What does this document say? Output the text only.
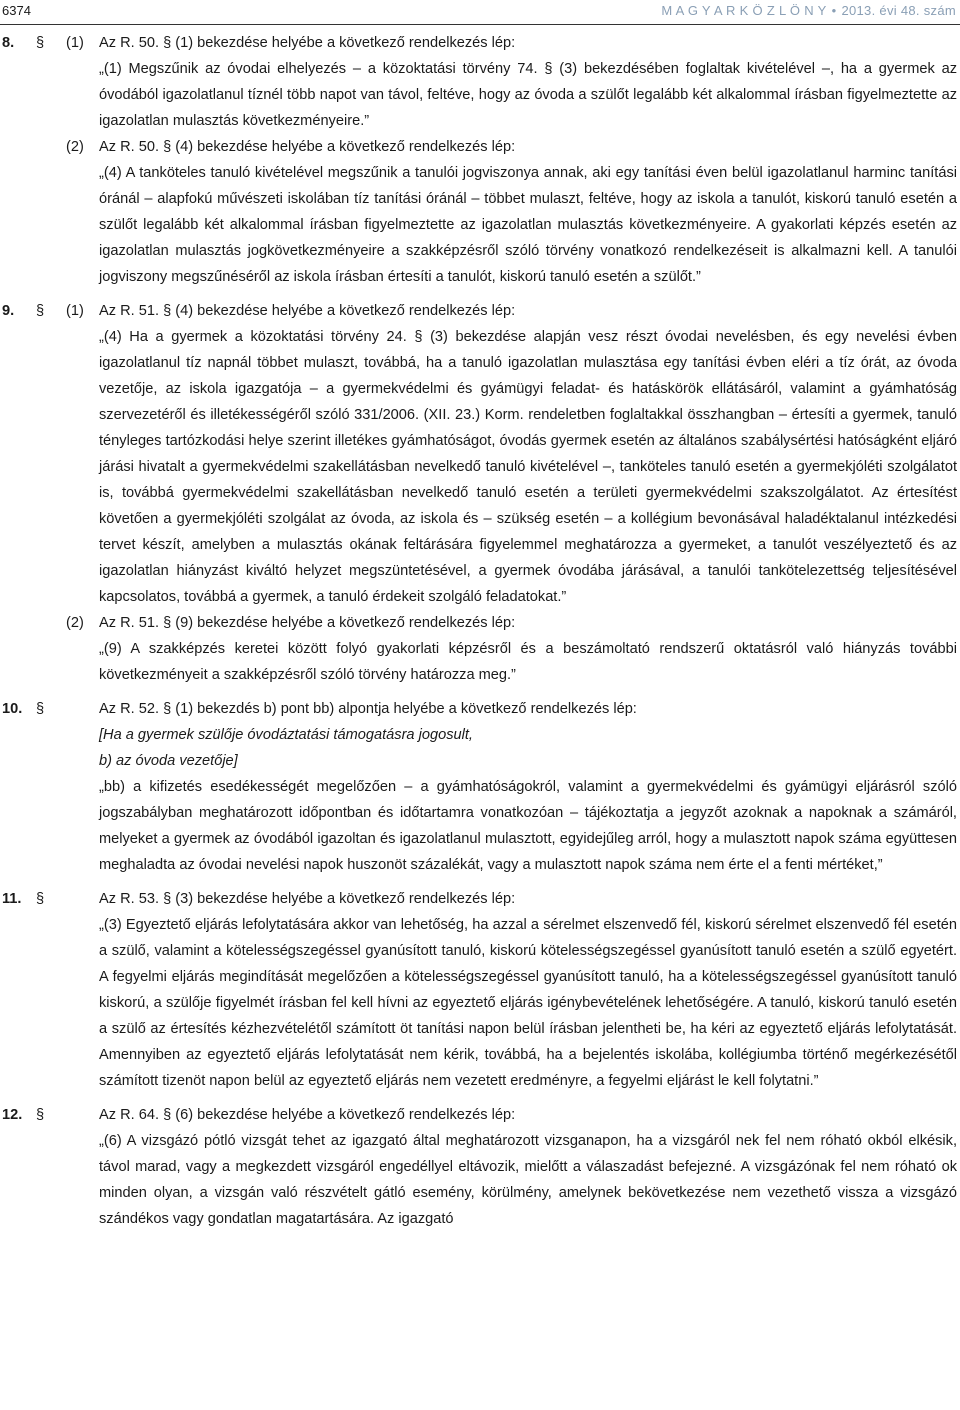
6374	M A G Y A R K Ö Z L Ö N Y • 2013. évi 48. szám
8. § (1) Az R. 50. § (1) bekezdése helyébe a következő rendelkezés lép:
„(1) Megszűnik az óvodai elhelyezés – a közoktatási törvény 74. § (3) bekezdésében foglaltak kivételével –, ha a gyermek az óvodából igazolatlanul tíznél több napot van távol, feltéve, hogy az óvoda a szülőt legalább két alkalommal írásban figyelmeztette az igazolatlan mulasztás következményeire.”
(2) Az R. 50. § (4) bekezdése helyébe a következő rendelkezés lép:
„(4) A tanköteles tanuló kivételével megszűnik a tanulói jogviszonya annak, aki egy tanítási éven belül igazolatlanul harminc tanítási óránál – alapfokú művészeti iskolában tíz tanítási óránál – többet mulaszt, feltéve, hogy az iskola a tanulót, kiskorú tanuló esetén a szülőt legalább két alkalommal írásban figyelmeztette az igazolatlan mulasztás következményeire. A gyakorlati képzés esetén az igazolatlan mulasztás jogkövetkezményeire a szakképzésről szóló törvény vonatkozó rendelkezéseit is alkalmazni kell. A tanulói jogviszony megszűnéséről az iskola írásban értesíti a tanulót, kiskorú tanuló esetén a szülőt.”
9. § (1) Az R. 51. § (4) bekezdése helyébe a következő rendelkezés lép:
„(4) Ha a gyermek a közoktatási törvény 24. § (3) bekezdése alapján vesz részt óvodai nevelésben, és egy nevelési évben igazolatlanul tíz napnál többet mulaszt, továbbá, ha a tanuló igazolatlan mulasztása egy tanítási évben eléri a tíz órát, az óvoda vezetője, az iskola igazgatója – a gyermekvédelmi és gyámügyi feladat- és hatáskörök ellátásáról, valamint a gyámhatóság szervezetéről és illetékességéről szóló 331/2006. (XII. 23.) Korm. rendeletben foglaltakkal összhangban – értesíti a gyermek, tanuló tényleges tartózkodási helye szerint illetékes gyámhatóságot, óvodás gyermek esetén az általános szabálysértési hatóságként eljáró járási hivatalt a gyermekvédelmi szakellátásban nevelkedő tanuló kivételével –, tanköteles tanuló esetén a gyermekjóléti szolgálatot is, továbbá gyermekvédelmi szakellátásban nevelkedő tanuló esetén a területi gyermekvédelmi szakszolgálatot. Az értesítést követően a gyermekjóléti szolgálat az óvoda, az iskola és – szükség esetén – a kollégium bevonásával haladéktalanul intézkedési tervet készít, amelyben a mulasztás okának feltárására figyelemmel meghatározza a gyermeket, a tanulót veszélyeztető és az igazolatlan hiányzást kiváltó helyzet megszüntetésével, a gyermek óvodába járásával, a tanulói tankötelezettség teljesítésével kapcsolatos, továbbá a gyermek, a tanuló érdekeit szolgáló feladatokat.”
(2) Az R. 51. § (9) bekezdése helyébe a következő rendelkezés lép:
„(9) A szakképzés keretei között folyó gyakorlati képzésről és a beszámoltató rendszerű oktatásról való hiányzás további következményeit a szakképzésről szóló törvény határozza meg.”
10. §	Az R. 52. § (1) bekezdés b) pont bb) alpontja helyébe a következő rendelkezés lép:
[Ha a gyermek szülője óvodáztatási támogatásra jogosult,
b) az óvoda vezetője]
„bb) a kifizetés esedékességét megelőzően – a gyámhatóságokról, valamint a gyermekvédelmi és gyámügyi eljárásról szóló jogszabályban meghatározott időpontban és időtartamra vonatkozóan – tájékoztatja a jegyzőt azoknak a napoknak a számáról, melyeket a gyermek az óvodából igazoltan és igazolatlanul mulasztott, egyidejűleg arról, hogy a mulasztott napok száma együttesen meghaladta az óvodai nevelési napok huszonöt százalékát, vagy a mulasztott napok száma nem érte el a fenti mértéket,”
11. §	Az R. 53. § (3) bekezdése helyébe a következő rendelkezés lép:
„(3) Egyeztető eljárás lefolytatására akkor van lehetőség, ha azzal a sérelmet elszenvedő fél, kiskorú sérelmet elszenvedő fél esetén a szülő, valamint a kötelességszegéssel gyanúsított tanuló, kiskorú kötelességszegéssel gyanúsított tanuló esetén a szülő egyetért. A fegyelmi eljárás megindítását megelőzően a kötelességszegéssel gyanúsított tanuló, ha a kötelességszegéssel gyanúsított tanuló kiskorú, a szülője figyelmét írásban fel kell hívni az egyeztető eljárás igénybevételének lehetőségére. A tanuló, kiskorú tanuló esetén a szülő az értesítés kézhezvételétől számított öt tanítási napon belül írásban jelentheti be, ha kéri az egyeztető eljárás lefolytatását. Amennyiben az egyeztető eljárás lefolytatását nem kérik, továbbá, ha a bejelentés iskolába, kollégiumba történő megérkezésétől számított tizenöt napon belül az egyeztető eljárás nem vezetett eredményre, a fegyelmi eljárást le kell folytatni.”
12. §	Az R. 64. § (6) bekezdése helyébe a következő rendelkezés lép:
„(6) A vizsgázó pótló vizsgát tehet az igazgató által meghatározott vizsganapon, ha a vizsgáról nek fel nem róható okból elkésik, távol marad, vagy a megkezdett vizsgáról engedéllyel eltávozik, mielőtt a válaszadást befejezné. A vizsgázónak fel nem róható ok minden olyan, a vizsgán való részvételt gátló esemény, körülmény, amelynek bekövetkezése nem vezethető vissza a vizsgázó szándékos vagy gondatlan magatartására. Az igazgató
